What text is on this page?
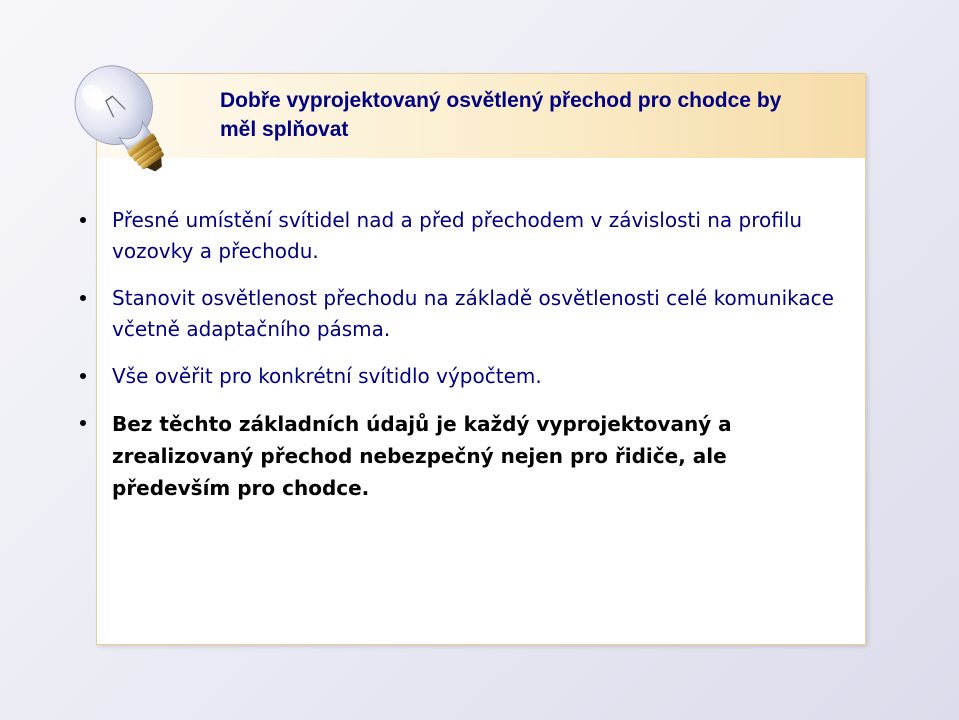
Dobře vyprojektovaný osvětlený přechod pro chodce by měl splňovat
Přesné umístění svítidel nad a před přechodem v závislosti na profilu vozovky a přechodu.
Stanovit osvětlenost přechodu na základě osvětlenosti celé komunikace včetně adaptačního pásma.
Vše ověřit pro konkrétní svítidlo výpočtem.
Bez těchto základních údajů je každý vyprojektovaný a zrealizovaný přechod nebezpečný nejen pro řidiče, ale především pro chodce.
